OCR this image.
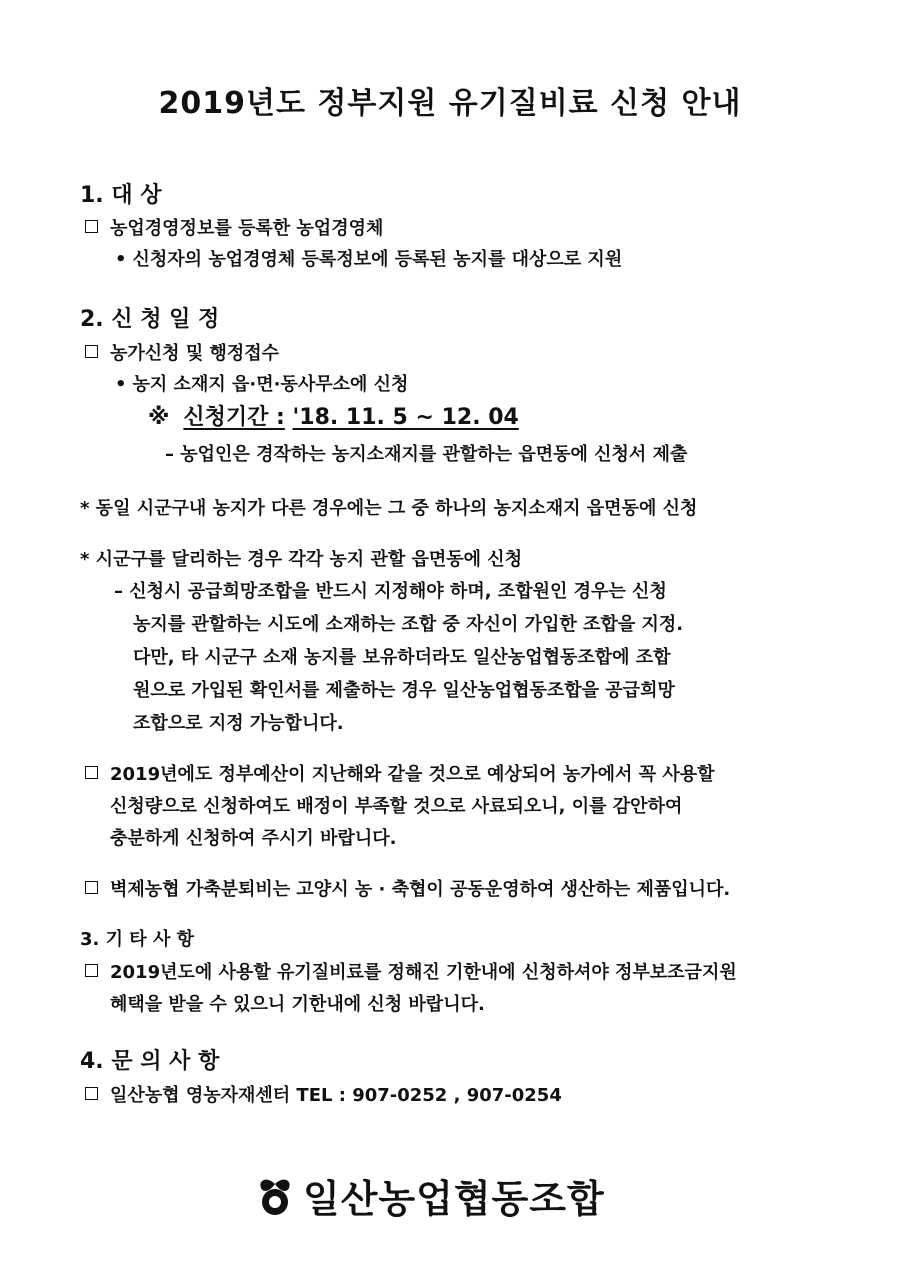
2019년도 정부지원 유기질비료 신청 안내
1. 대 상
농업경영정보를 등록한 농업경영체
• 신청자의 농업경영체 등록정보에 등록된 농지를 대상으로 지원
2. 신 청 일 정
농가신청 및 행정접수
• 농지 소재지 읍·면·동사무소에 신청
※ 신청기간 : '18. 11. 5 ~ 12. 04
– 농업인은 경작하는 농지소재지를 관할하는 읍면동에 신청서 제출
* 동일 시군구내 농지가 다른 경우에는 그 중 하나의 농지소재지 읍면동에 신청
* 시군구를 달리하는 경우 각각 농지 관할 읍면동에 신청
– 신청시 공급희망조합을 반드시 지정해야 하며, 조합원인 경우는 신청
농지를 관할하는 시도에 소재하는 조합 중 자신이 가입한 조합을 지정.
다만, 타 시군구 소재 농지를 보유하더라도 일산농업협동조합에 조합
원으로 가입된 확인서를 제출하는 경우 일산농업협동조합을 공급희망
조합으로 지정 가능합니다.
2019년에도 정부예산이 지난해와 같을 것으로 예상되어 농가에서 꼭 사용할
신청량으로 신청하여도 배정이 부족할 것으로 사료되오니, 이를 감안하여
충분하게 신청하여 주시기 바랍니다.
벽제농협 가축분퇴비는 고양시 농 · 축협이 공동운영하여 생산하는 제품입니다.
3. 기 타 사 항
2019년도에 사용할 유기질비료를 정해진 기한내에 신청하셔야 정부보조금지원
혜택을 받을 수 있으니 기한내에 신청 바랍니다.
4. 문 의 사 항
일산농협 영농자재센터 TEL : 907-0252 , 907-0254
일산농업협동조합
